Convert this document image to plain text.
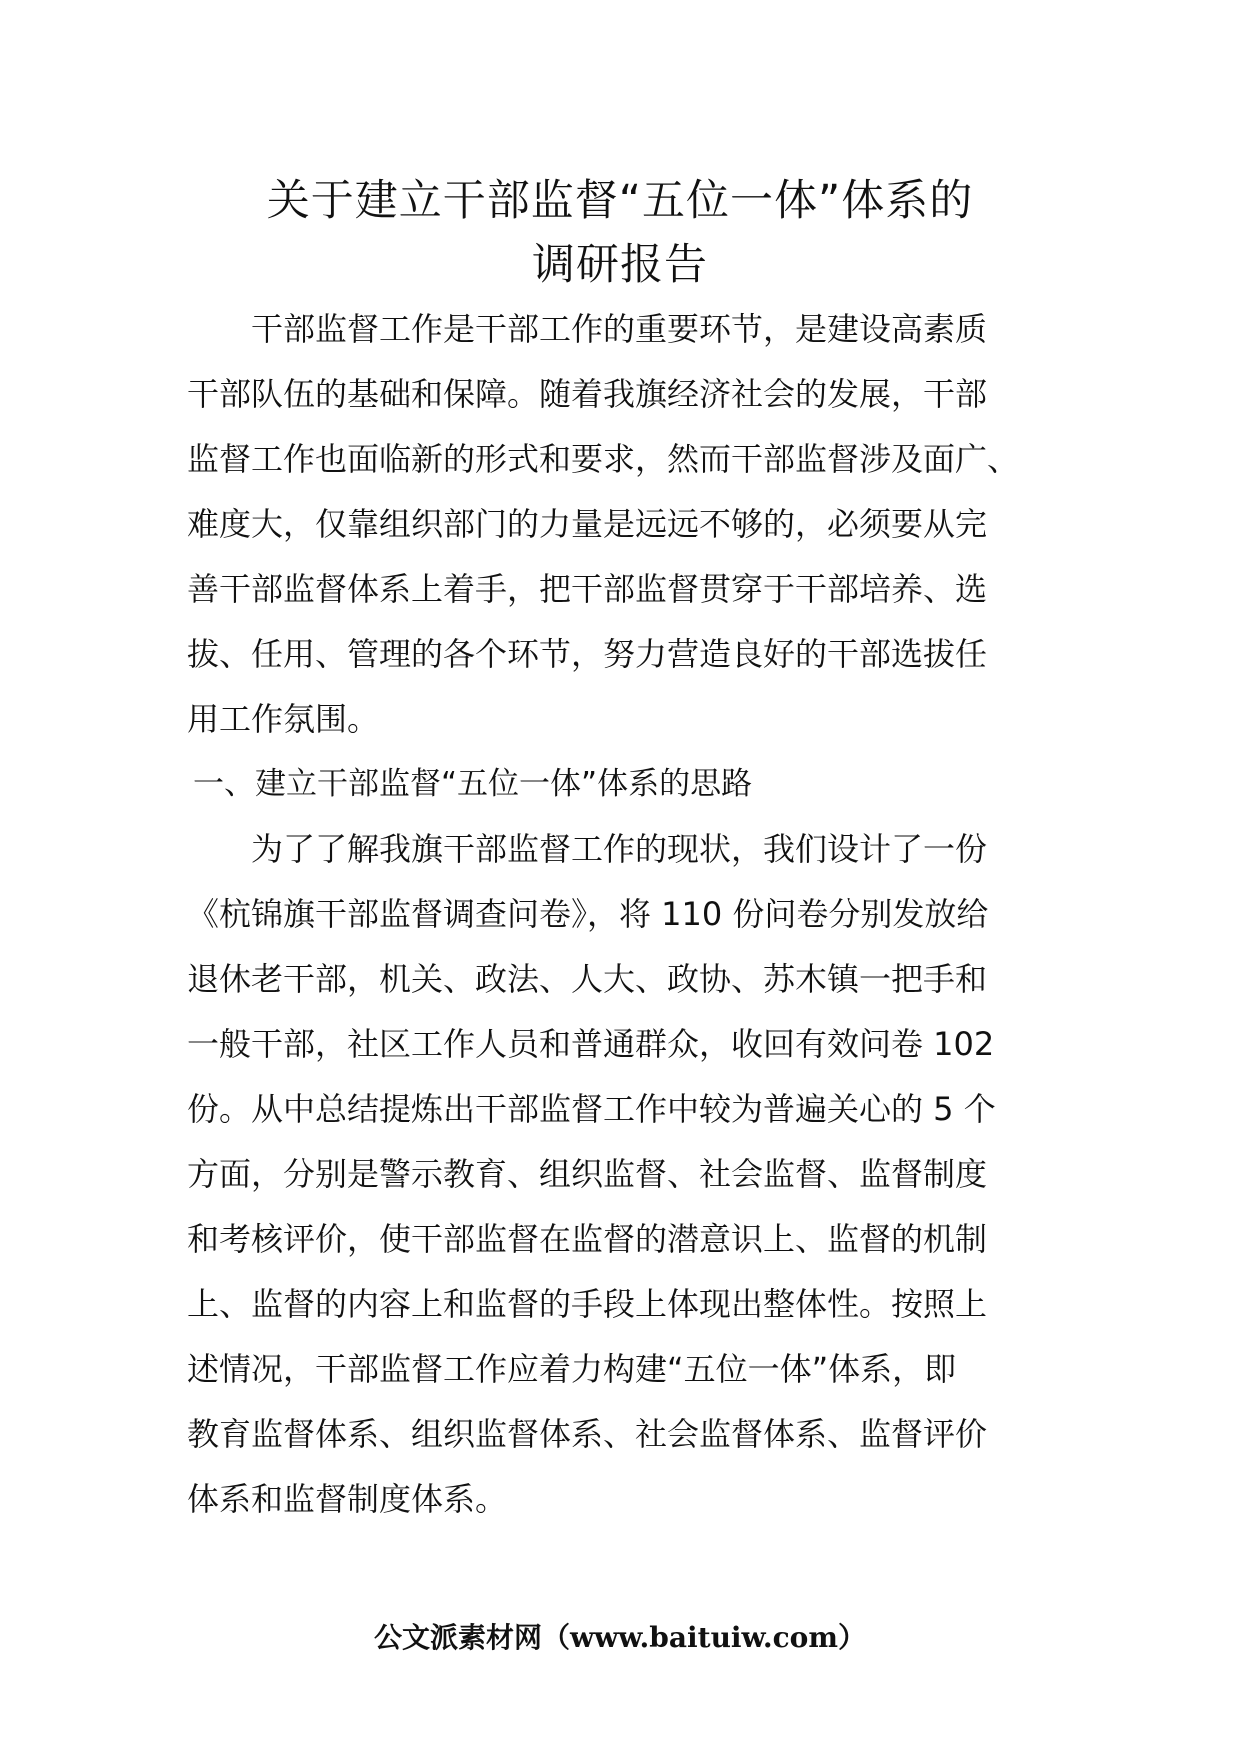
关于建立干部监督“五位一体”体系的
调研报告

　　干部监督工作是干部工作的重要环节，是建设高素质

干部队伍的基础和保障。随着我旗经济社会的发展，干部

监督工作也面临新的形式和要求，然而干部监督涉及面广、

难度大，仅靠组织部门的力量是远远不够的，必须要从完

善干部监督体系上着手，把干部监督贯穿于干部培养、选

拔、任用、管理的各个环节，努力营造良好的干部选拔任

用工作氛围。

一、建立干部监督“五位一体”体系的思路

　　为了了解我旗干部监督工作的现状，我们设计了一份

《杭锦旗干部监督调查问卷》，将 110 份问卷分别发放给

退休老干部，机关、政法、人大、政协、苏木镇一把手和

一般干部，社区工作人员和普通群众，收回有效问卷 102

份。从中总结提炼出干部监督工作中较为普遍关心的 5 个

方面，分别是警示教育、组织监督、社会监督、监督制度

和考核评价，使干部监督在监督的潜意识上、监督的机制

上、监督的内容上和监督的手段上体现出整体性。按照上

述情况，干部监督工作应着力构建“五位一体”体系，即

教育监督体系、组织监督体系、社会监督体系、监督评价

体系和监督制度体系。

公文派素材网（www.baituiw.com）
